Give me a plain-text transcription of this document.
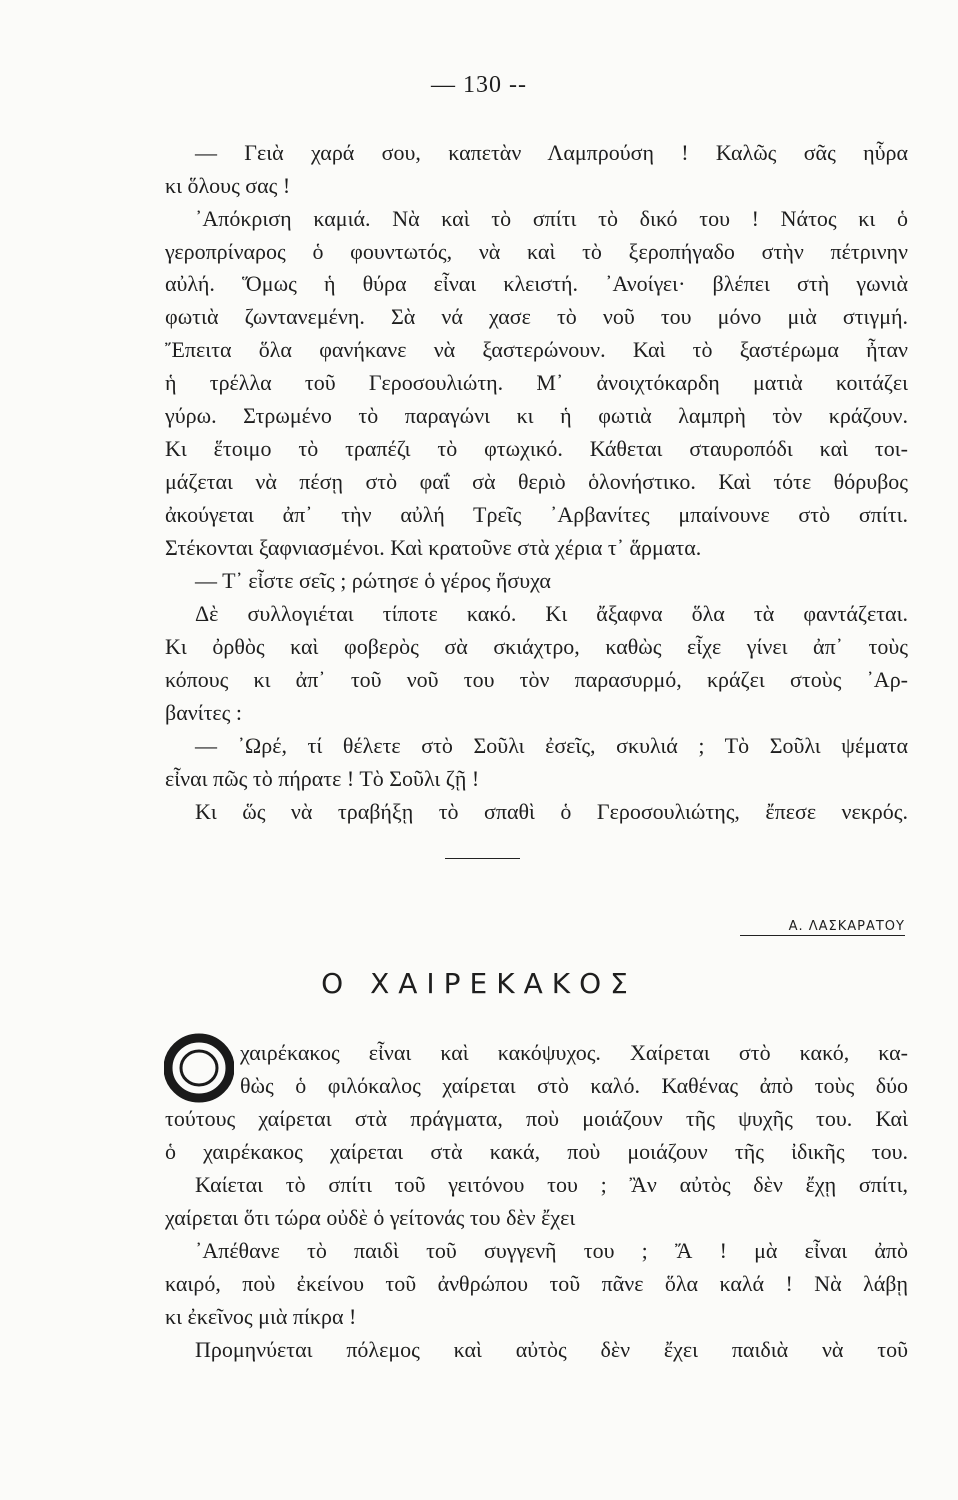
— 130 --
— Γειὰ χαρά σου, καπετὰν Λαμπρούση ! Καλῶς σᾶς ηὗρα
κι ὅλους σας !
᾿Απόκριση καμιά. Νὰ καὶ τὸ σπίτι τὸ δικό του ! Νάτος κι ὁ
γεροπρίναρος ὁ φουντωτός, νὰ καὶ τὸ ξεροπήγαδο στὴν πέτρινην
αὐλή. Ὅμως ἡ θύρα εἶναι κλειστή. ᾿Ανοίγει· βλέπει στὴ γωνιὰ
φωτιὰ ζωντανεμένη. Σὰ νά χασε τὸ νοῦ του μόνο μιὰ στιγμή.
Ἔπειτα ὅλα φανήκανε νὰ ξαστερώνουν. Καὶ τὸ ξαστέρωμα ἦταν
ἡ τρέλλα τοῦ Γεροσουλιώτη. Μ᾿ ἀνοιχτόκαρδη ματιὰ κοιτάζει
γύρω. Στρωμένο τὸ παραγώνι κι ἡ φωτιὰ λαμπρὴ τὸν κράζουν.
Κι ἕτοιμο τὸ τραπέζι τὸ φτωχικό. Κάθεται σταυροπόδι καὶ τοι-
μάζεται νὰ πέσῃ στὸ φαΐ σὰ θεριὸ ὁλονήστικο. Καὶ τότε θόρυβος
ἀκούγεται ἀπ᾿ τὴν αὐλή Τρεῖς ᾿Αρβανίτες μπαίνουνε στὸ σπίτι.
Στέκονται ξαφνιασμένοι. Καὶ κρατοῦνε στὰ χέρια τ᾿ ἅρματα.
— Τ᾿ εἶστε σεῖς ; ρώτησε ὁ γέρος ἥσυχα
Δὲ συλλογιέται τίποτε κακό. Κι ἄξαφνα ὅλα τὰ φαντάζεται.
Κι ὀρθὸς καὶ φοβερὸς σὰ σκιάχτρο, καθὼς εἶχε γίνει ἀπ᾿ τοὺς
κόπους κι ἀπ᾿ τοῦ νοῦ του τὸν παρασυρμό, κράζει στοὺς ᾿Αρ-
βανίτες :
— ᾿Ωρέ, τί θέλετε στὸ Σοῦλι ἐσεῖς, σκυλιά ; Τὸ Σοῦλι ψέματα
εἶναι πῶς τὸ πήρατε ! Τὸ Σοῦλι ζῇ !
Κι ὥς νὰ τραβήξῃ τὸ σπαθὶ ὁ Γεροσουλιώτης, ἔπεσε νεκρός.
Α. ΛΑΣΚΑΡΑΤΟΥ
Ο ΧΑΙΡΕΚΑΚΟΣ
χαιρέκακος εἶναι καὶ κακόψυχος. Χαίρεται στὸ κακό, κα-
θὼς ὁ φιλόκαλος χαίρεται στὸ καλό. Καθένας ἀπὸ τοὺς δύο
τούτους χαίρεται στὰ πράγματα, ποὺ μοιάζουν τῆς ψυχῆς του. Καὶ
ὁ χαιρέκακος χαίρεται στὰ κακά, ποὺ μοιάζουν τῆς ἰδικῆς του.
Καίεται τὸ σπίτι τοῦ γειτόνου του ; Ἂν αὐτὸς δὲν ἔχῃ σπίτι,
χαίρεται ὅτι τώρα οὐδὲ ὁ γείτονάς του δὲν ἔχει
᾿Απέθανε τὸ παιδὶ τοῦ συγγενῆ του ; Ἄ ! μὰ εἶναι ἀπὸ
καιρό, ποὺ ἐκείνου τοῦ ἀνθρώπου τοῦ πᾶνε ὅλα καλά ! Νὰ λάβῃ
κι ἐκεῖνος μιὰ πίκρα !
Προμηνύεται πόλεμος καὶ αὐτὸς δὲν ἔχει παιδιὰ νὰ τοῦ
